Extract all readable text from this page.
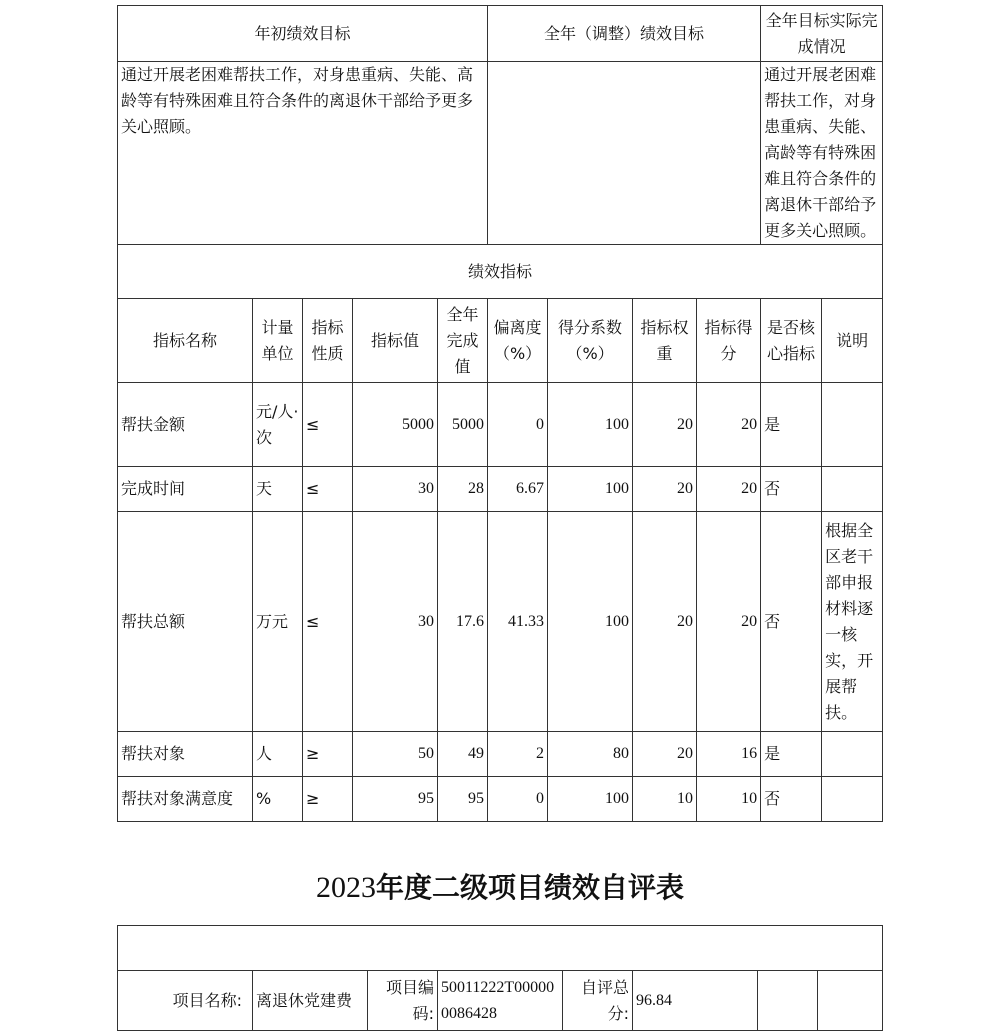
年初绩效目标					全年（调整）绩效目标				全年目标实际完成情况	
通过开展老困难帮扶工作，对身患重病、失能、高龄等有特殊困难且符合条件的离退休干部给予更多关心照顾。									通过开展老困难帮扶工作，对身患重病、失能、高龄等有特殊困难且符合条件的离退休干部给予更多关心照顾。	
绩效指标										
指标名称	计量单位	指标性质	指标值	全年完成值	偏离度（%）	得分系数（%）	指标权重	指标得分	是否核心指标	说明
帮扶金额	元/人·次	≤	5000	5000	0	100	20	20	是	
完成时间	天	≤	30	28	6.67	100	20	20	否	
帮扶总额	万元	≤	30	17.6	41.33	100	20	20	否	根据全区老干部申报材料逐一核实，开展帮扶。
帮扶对象	人	≥	50	49	2	80	20	16	是	
帮扶对象满意度	%	≥	95	95	0	100	10	10	否	
2023年度二级项目绩效自评表

项目名称:	离退休党建费	项目编码:	50011222T000000086428	自评总分:	96.84		
